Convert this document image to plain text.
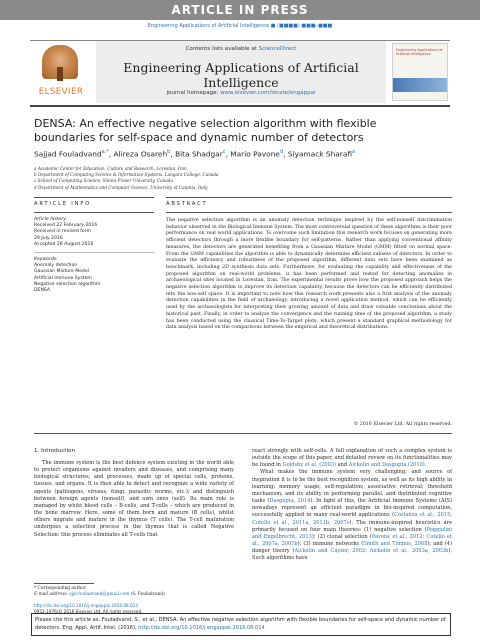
ARTICLE IN PRESS
Engineering Applications of Artificial Intelligence ■ (■■■■) ■■■–■■■
ELSEVIER
Contents lists available at ScienceDirect
Engineering Applications of Artificial Intelligence
journal homepage: www.elsevier.com/locate/engappai
Engineering Applications of Artificial Intelligence
DENSA: An effective negative selection algorithm with flexible
boundaries for self-space and dynamic number of detectors
Sajjad Fouladvand$^{a,*}$, Alireza Osareh$^b$, Bita Shadgar$^c$, Mario Pavone$^d$, Siyamack Sharafi$^a$
a Academic Center for Education, Culture and Research, Lorestan, Iran
b Department of Computing Science & Information Systems, Langara College, Canada
c School of Computing Science, Simon Fraser University, Canada
d Department of Mathematics and Computer Science, University of Catania, Italy
ARTICLE INFO	ABSTRACT
Article history:
Received 22 February 2016
Received in revised form
29 July 2016
Accepted 26 August 2016
Keywords:
Anomaly detection
Gaussian Mixture Model
Artificial Immune System
Negative selection algorithm
DENSA
The negative selection algorithm is an anomaly detection technique inspired by the self-nonself discrimination behavior observed in the Biological Immune System. The most controversial question of these algorithms is their poor performance on real world applications. To overcome such limitation this research work focuses on generating more efficient detectors through a more flexible boundary for self-patterns. Rather than applying conventional affinity measures, the detectors are generated benefiting from a Gaussian Mixture Model (GMM) fitted on normal space. From the GMM capabilities the algorithm is able to dynamically determine efficient subsets of detectors. In order to evaluate the efficiency and robustness of the proposed algorithm, different data sets have been examined as benchmark, including 2D synthesis data sets. Furthermore, for evaluating the capability and effectiveness of the proposed algorithm on real-world problems, it has been performed and tested for detecting anomalies in archaeological sites located in Lorestan, Iran. The experimental results prove how the proposed approach helps the negative selection algorithm to improve its detection capability, because the detectors can be efficiently distributed into the non-self space. It is important to note how this research work presents also a first analysis of the anomaly detection capabilities in the field of archaeology, introducing a novel application method, which can be efficiently used by the archaeologists for interpreting their growing amount of data and draw valuable conclusions about the historical past. Finally, in order to analyze the convergence and the running time of the proposed algorithm, a study has been conducted using the classical Time-To-Target plots, which present a standard graphical methodology for data analysis based on the comparisons between the empirical and theoretical distributions.
© 2016 Elsevier Ltd. All rights reserved.
1. Introduction

The immune system is the best defence system existing in the world able to protect organisms against invaders and diseases, and comprising many biological structures, and processes, made up of special cells, proteins, tissues, and organs. It is then able to detect and recognize a wide variety of agents (pathogens, viruses, fungi, parasitic worms, etc.); and distinguish between foreign agents (nonself), and own ones (self). Its main role is managed by white blood cells – B-cells, and T-cells – which are produced in the bone marrow. Here, some of them born and mature (B cells), whilst others migrate and mature in the thymus (T cells). The T-cell maturation undergoes a selection process in the thymus that is called Negative Selection: this process eliminates all T-cells that

react strongly with self-cells. A full explanation of such a complex system is outside the scope of this paper, and detailed review on its functionalities may be found in Goldsby et al. (2003) and Aickelin and Dasgupta (2010).

What makes the immune system very challenging, and source of inspiration it is to be the best recognition system, as well as its high ability in learning; memory usage; self-regulation; associative retrieval; threshold mechanism, and its ability in performing parallel, and distributed cognitive tasks (Dasgupta, 2014). In light of this, the Artificial Immune Systems (AIS) nowadays represent an efficient paradigm in bio-inspired computation, successfully applied in many real-world applications (Costanza et al., 2015; Cutello et al., 2011a, 2011b, 2007c). The immune-inspired heuristics are primarily focused on four main theories: (1) negative selection (Poggiolini and Engelbrecht, 2013); (2) clonal selection (Pavone et al., 2012; Cutello et al., 2007a, 2007b); (3) immune networks (Smith and Timmis, 2008); and (4) danger theory (Aickelin and Cayzer, 2002; Aickelin et al., 2003a, 2003b). Such algorithms have

* Corresponding author.
E-mail address: sjjd.fouladvand@gmail.com (S. Fouladvand).
http://dx.doi.org/10.1016/j.engappai.2016.08.014
0952-1976/© 2016 Elsevier Ltd. All rights reserved.
Please cite this article as: Fouladvand, S., et al., DENSA: An effective negative selection algorithm with flexible boundaries for self-space and dynamic number of detectors. Eng. Appl. Artif. Intel. (2016), http://dx.doi.org/10.1016/j.engappai.2016.08.014
